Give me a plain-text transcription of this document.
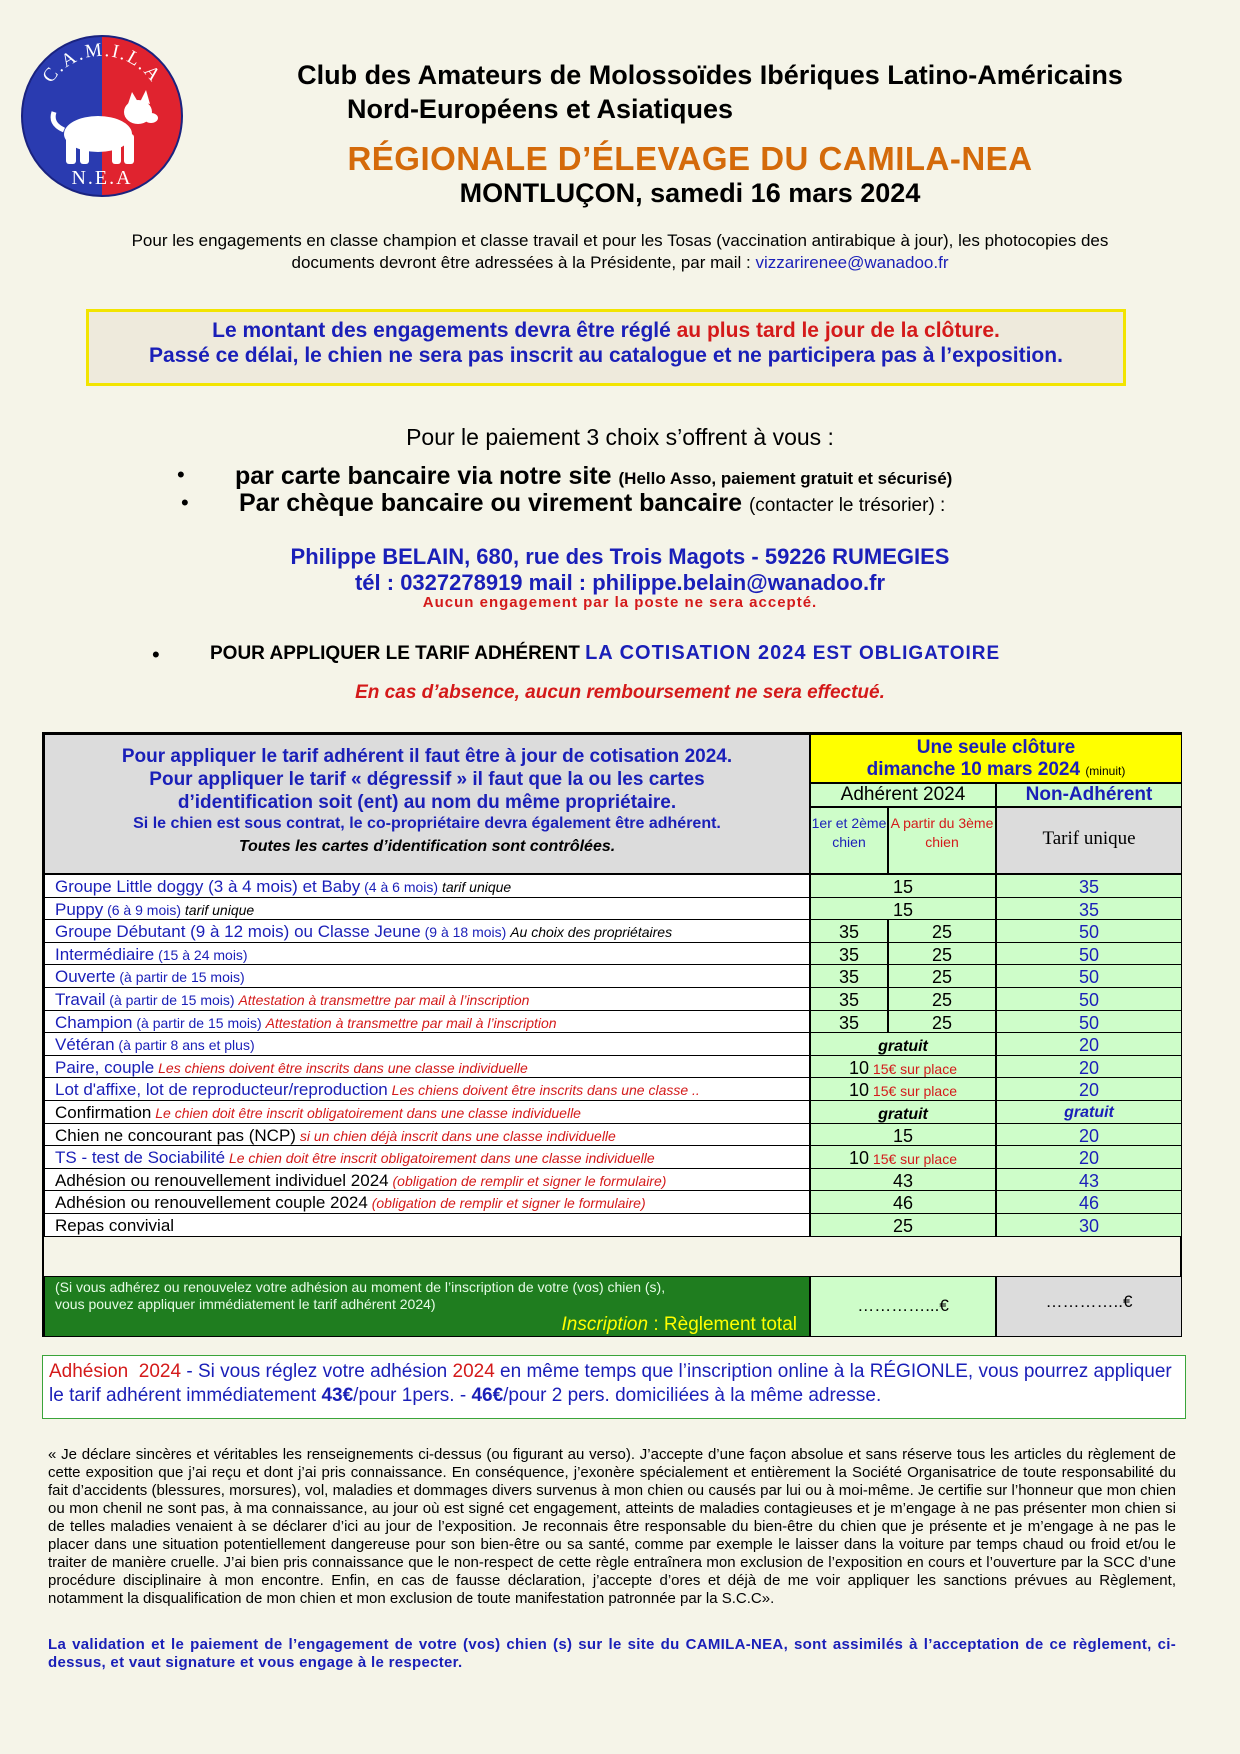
C.A.M.I.L.A
N.E.A
Club des Amateurs de Molossoïdes Ibériques Latino-Américains
Nord-Européens et Asiatiques
RÉGIONALE D’ÉLEVAGE DU CAMILA-NEA
MONTLUÇON, samedi 16 mars 2024
Pour les engagements en classe champion et classe travail et pour les Tosas (vaccination antirabique à jour), les photocopies des
documents devront être adressées à la Présidente, par mail : vizzarirenee@wanadoo.fr
Le montant des engagements devra être réglé au plus tard le jour de la clôture.
Passé ce délai, le chien ne sera pas inscrit au catalogue et ne participera pas à l’exposition.
Pour le paiement 3 choix s’offrent à vous :
• par carte bancaire via notre site (Hello Asso, paiement gratuit et sécurisé)
• Par chèque bancaire ou virement bancaire (contacter le trésorier) :
Philippe BELAIN, 680, rue des Trois Magots - 59226 RUMEGIES
tél : 0327278919 mail : philippe.belain@wanadoo.fr
Aucun engagement par la poste ne sera accepté.
•	POUR APPLIQUER LE TARIF ADHÉRENT LA COTISATION 2024 EST OBLIGATOIRE
En cas d’absence, aucun remboursement ne sera effectué.
Pour appliquer le tarif adhérent il faut être à jour de cotisation 2024.
Pour appliquer le tarif « dégressif » il faut que la ou les cartes
d’identification soit (ent) au nom du même propriétaire.
Si le chien est sous contrat, le co-propriétaire devra également être adhérent.
Toutes les cartes d’identification sont contrôlées.
Une seule clôture
dimanche 10 mars 2024 (minuit)
Adhérent 2024	Non-Adhérent
1er et 2ème chien
A partir du 3ème chien	Tarif unique
Groupe Little doggy (3 à 4 mois) et Baby (4 à 6 mois) tarif unique	15	35
Puppy (6 à 9 mois) tarif unique	15	35
Groupe Débutant (9 à 12 mois) ou Classe Jeune (9 à 18 mois) Au choix des propriétaires	35	25	50
Intermédiaire (15 à 24 mois)	35	25	50
Ouverte (à partir de 15 mois)	35	25	50
Travail (à partir de 15 mois) Attestation à transmettre par mail à l’inscription	35	25	50
Champion (à partir de 15 mois) Attestation à transmettre par mail à l’inscription	35	25	50
Vétéran (à partir 8 ans et plus)	gratuit	20
Paire, couple Les chiens doivent être inscrits dans une classe individuelle	10 15€ sur place	20
Lot d'affixe, lot de reproducteur/reproduction Les chiens doivent être inscrits dans une classe ..	10 15€ sur place	20
Confirmation Le chien doit être inscrit obligatoirement dans une classe individuelle	gratuit	gratuit
Chien ne concourant pas (NCP) si un chien déjà inscrit dans une classe individuelle	15	20
TS - test de Sociabilité Le chien doit être inscrit obligatoirement dans une classe individuelle	10 15€ sur place	20
Adhésion ou renouvellement individuel 2024 (obligation de remplir et signer le formulaire)	43	43
Adhésion ou renouvellement couple 2024 (obligation de remplir et signer le formulaire)	46	46
Repas convivial	25	30
(Si vous adhérez ou renouvelez votre adhésion au moment de l’inscription de votre (vos) chien (s),
vous pouvez appliquer immédiatement le tarif adhérent 2024)
Inscription : Règlement total
…………...€	…………..€
Adhésion 2024 - Si vous réglez votre adhésion 2024 en même temps que l’inscription online à la RÉGIONLE, vous pourrez appliquer le tarif adhérent immédiatement 43€/pour 1pers. - 46€/pour 2 pers. domiciliées à la même adresse.
« Je déclare sincères et véritables les renseignements ci-dessus (ou figurant au verso). J’accepte d’une façon absolue et sans réserve tous les articles du règlement de cette exposition que j’ai reçu et dont j’ai pris connaissance. En conséquence, j’exonère spécialement et entièrement la Société Organisatrice de toute responsabilité du fait d’accidents (blessures, morsures), vol, maladies et dommages divers survenus à mon chien ou causés par lui ou à moi-même. Je certifie sur l’honneur que mon chien ou mon chenil ne sont pas, à ma connaissance, au jour où est signé cet engagement, atteints de maladies contagieuses et je m’engage à ne pas présenter mon chien si de telles maladies venaient à se déclarer d’ici au jour de l’exposition. Je reconnais être responsable du bien-être du chien que je présente et je m’engage à ne pas le placer dans une situation potentiellement dangereuse pour son bien-être ou sa santé, comme par exemple le laisser dans la voiture par temps chaud ou froid et/ou le traiter de manière cruelle. J’ai bien pris connaissance que le non-respect de cette règle entraînera mon exclusion de l’exposition en cours et l’ouverture par la SCC d’une procédure disciplinaire à mon encontre. Enfin, en cas de fausse déclaration, j’accepte d’ores et déjà de me voir appliquer les sanctions prévues au Règlement, notamment la disqualification de mon chien et mon exclusion de toute manifestation patronnée par la S.C.C».
La validation et le paiement de l’engagement de votre (vos) chien (s) sur le site du CAMILA-NEA, sont assimilés à l’acceptation de ce règlement, ci-dessus, et vaut signature et vous engage à le respecter.
